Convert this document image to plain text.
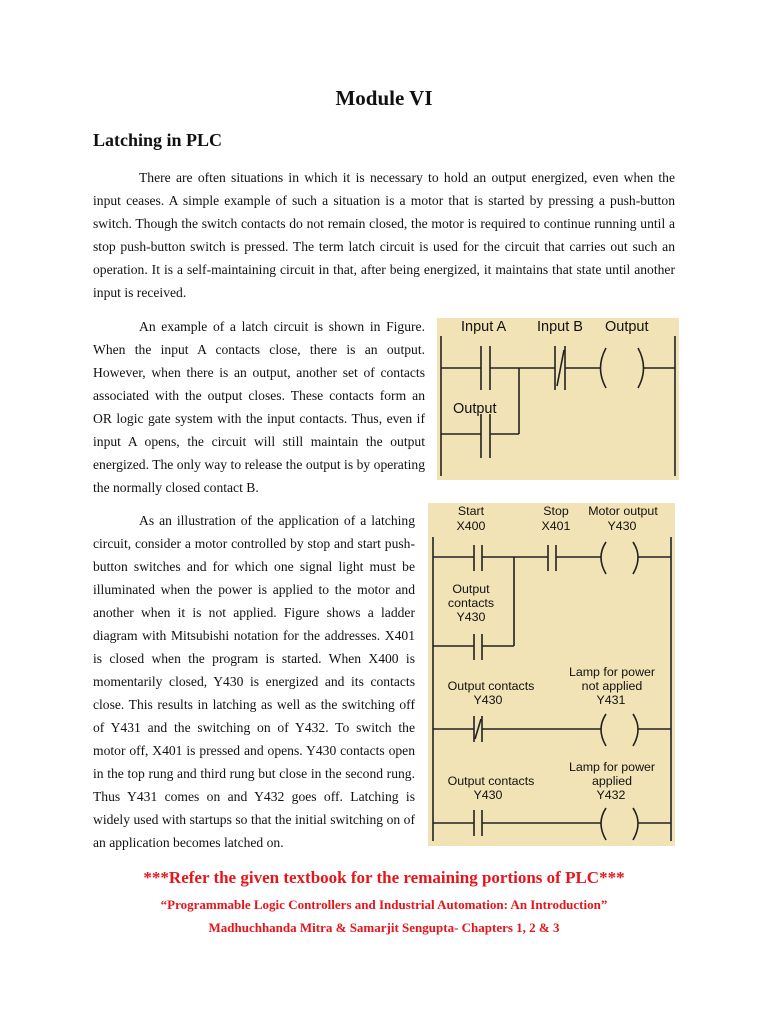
Module VI
Latching in PLC
There are often situations in which it is necessary to hold an output energized, even when the input ceases. A simple example of such a situation is a motor that is started by pressing a push-button switch. Though the switch contacts do not remain closed, the motor is required to continue running until a stop push-button switch is pressed. The term latch circuit is used for the circuit that carries out such an operation. It is a self-maintaining circuit in that, after being energized, it maintains that state until another input is received.
An example of a latch circuit is shown in Figure. When the input A contacts close, there is an output. However, when there is an output, another set of contacts associated with the output closes. These contacts form an OR logic gate system with the input contacts. Thus, even if input A opens, the circuit will still maintain the output energized. The only way to release the output is by operating the normally closed contact B.
As an illustration of the application of a latching circuit, consider a motor controlled by stop and start push-button switches and for which one signal light must be illuminated when the power is applied to the motor and another when it is not applied. Figure shows a ladder diagram with Mitsubishi notation for the addresses. X401 is closed when the program is started. When X400 is momentarily closed, Y430 is energized and its contacts close. This results in latching as well as the switching off of Y431 and the switching on of Y432. To switch the motor off, X401 is pressed and opens. Y430 contacts open in the top rung and third rung but close in the second rung. Thus Y431 comes on and Y432 goes off. Latching is widely used with startups so that the initial switching on of an application becomes latched on.
Input A Input B Output
Output
Start
X400
Stop
X401
Motor output
Y430
Output
contacts
Y430
Output contacts
Y430
Lamp for power
not applied
Y431
Output contacts
Y430
Lamp for power
applied
Y432
***Refer the given textbook for the remaining portions of PLC***
“Programmable Logic Controllers and Industrial Automation: An Introduction”
Madhuchhanda Mitra & Samarjit Sengupta- Chapters 1, 2 & 3
